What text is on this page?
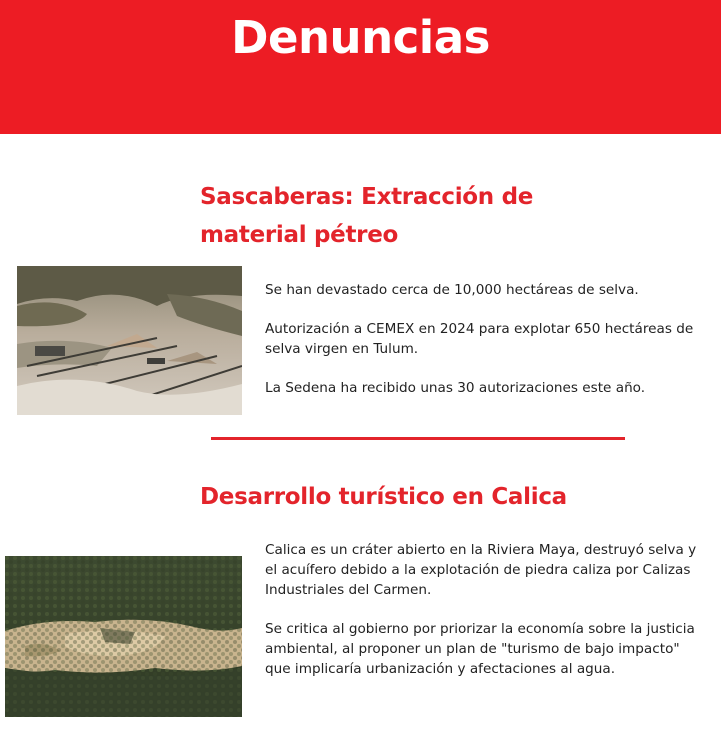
Denuncias
Sascaberas: Extracción de
material pétreo

Se han devastado cerca de 10,000 hectáreas de selva.

Autorización a CEMEX en 2024 para explotar 650 hectáreas de selva virgen en Tulum.

La Sedena ha recibido unas 30 autorizaciones este año.

Desarrollo turístico en Calica

Calica es un cráter abierto en la Riviera Maya, destruyó selva y el acuífero debido a la explotación de piedra caliza por Calizas Industriales del Carmen.

Se critica al gobierno por priorizar la economía sobre la justicia ambiental, al proponer un plan de "turismo de bajo impacto" que implicaría urbanización y afectaciones al agua.
